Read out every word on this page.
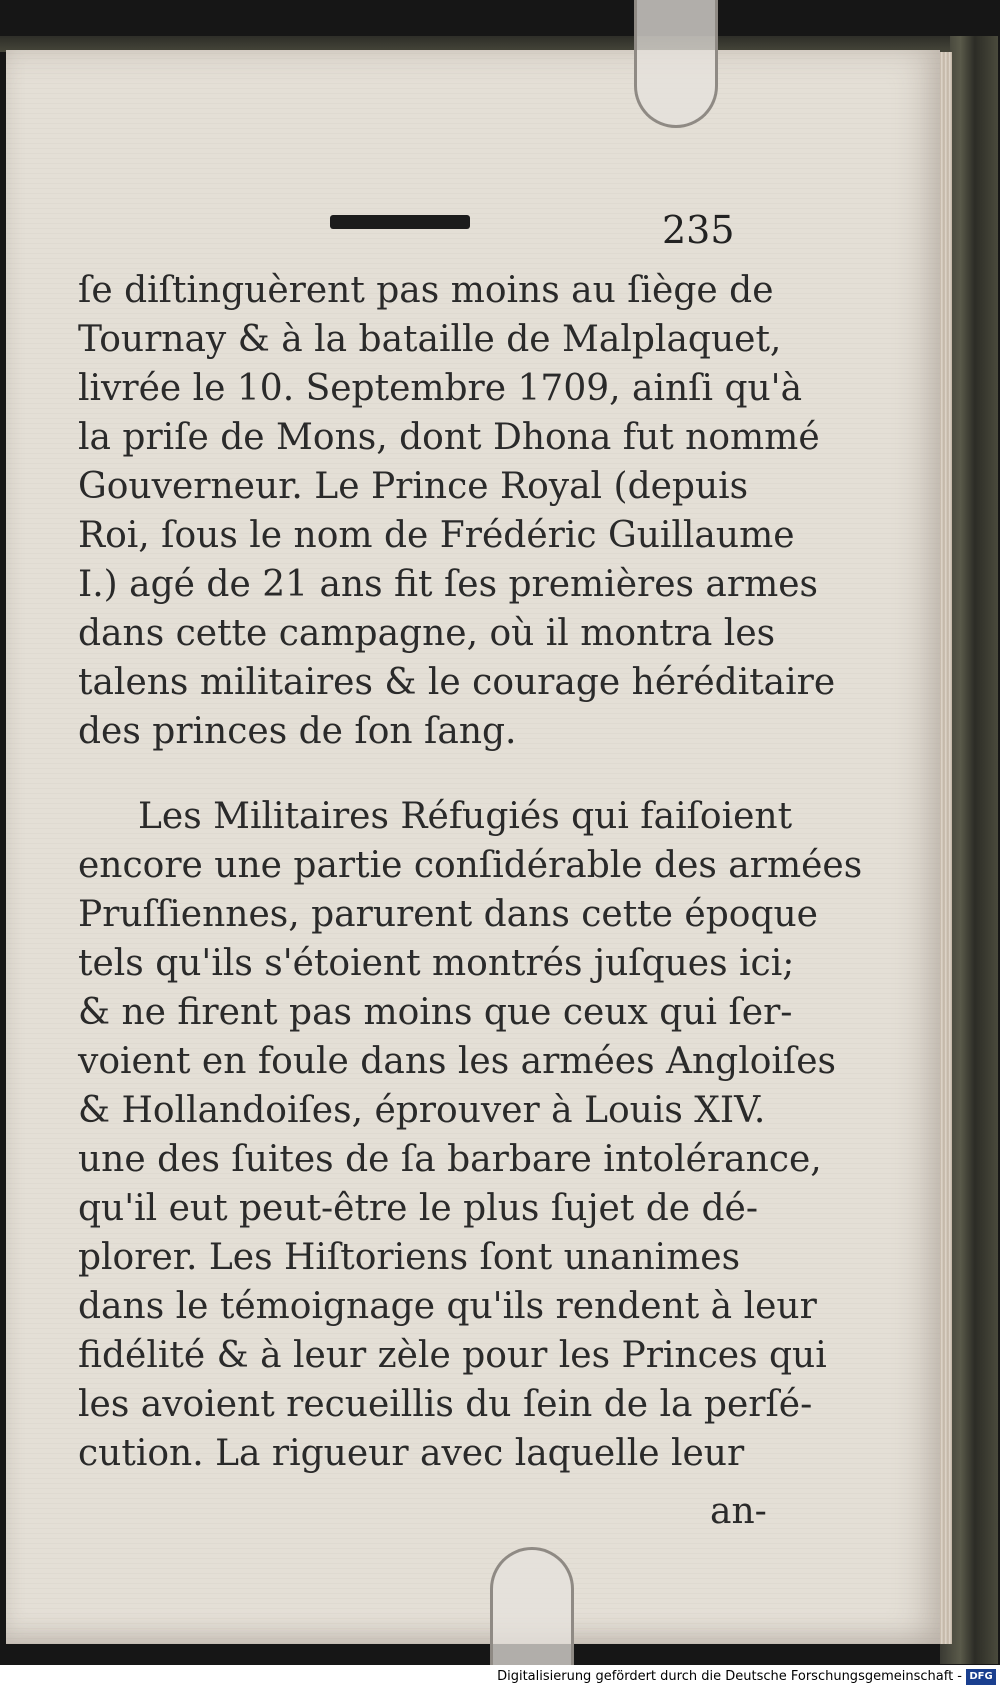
235
ſe diſtinguèrent pas moins au ſiège de
Tournay & à la bataille de Malplaquet,
livrée le 10. Septembre 1709, ainſi qu'à
la priſe de Mons, dont Dhona fut nommé
Gouverneur. Le Prince Royal (depuis
Roi, ſous le nom de Frédéric Guillaume
I.) agé de 21 ans fit ſes premières armes
dans cette campagne, où il montra les
talens militaires & le courage héréditaire
des princes de ſon ſang.
Les Militaires Réfugiés qui faiſoient
encore une partie conſidérable des armées
Pruſſiennes, parurent dans cette époque
tels qu'ils s'étoient montrés juſques ici;
& ne firent pas moins que ceux qui ſer-
voient en foule dans les armées Angloiſes
& Hollandoiſes, éprouver à Louis XIV.
une des ſuites de ſa barbare intolérance,
qu'il eut peut-être le plus ſujet de dé-
plorer. Les Hiſtoriens ſont unanimes
dans le témoignage qu'ils rendent à leur
fidélité & à leur zèle pour les Princes qui
les avoient recueillis du ſein de la perſé-
cution. La rigueur avec laquelle leur
an-
Digitalisierung gefördert durch die Deutsche Forschungsgemeinschaft - DFG
